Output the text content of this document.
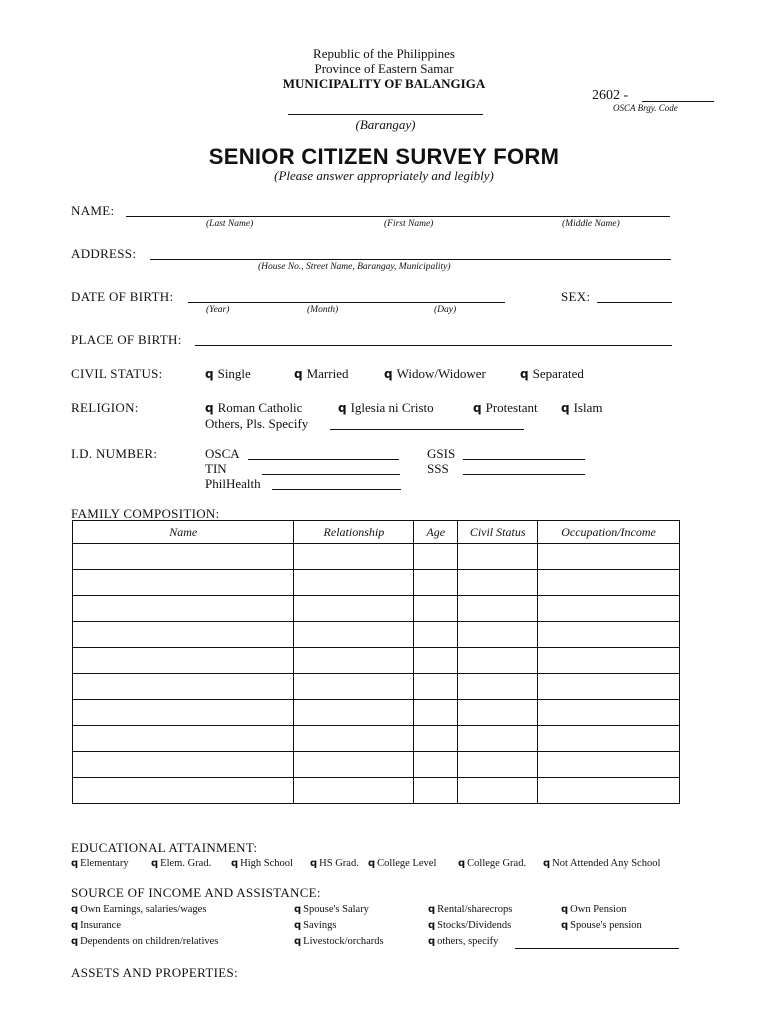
Republic of the Philippines
Province of Eastern Samar
MUNICIPALITY OF BALANGIGA
(Barangay)
2602 -
OSCA Brgy. Code
SENIOR CITIZEN SURVEY FORM
(Please answer appropriately and legibly)
NAME:
(Last Name)	(First Name)	(Middle Name)
ADDRESS:
(House No., Street Name, Barangay, Municipality)
DATE OF BIRTH:
(Year)	(Month)	(Day)
SEX:
PLACE OF BIRTH:
CIVIL STATUS:	q Single	q Married	q Widow/Widower	q Separated
RELIGION:	q Roman Catholic	q Iglesia ni Cristo	q Protestant q Islam
Others, Pls. Specify
I.D. NUMBER:	OSCA	GSIS
TIN	SSS
PhilHealth
FAMILY COMPOSITION:
Name	Relationship	Age	Civil Status	Occupation/Income

EDUCATIONAL ATTAINMENT:
q Elementary q Elem. Grad. q High School q HS Grad. q College Level q College Grad. q Not Attended Any School
SOURCE OF INCOME AND ASSISTANCE:
q Own Earnings, salaries/wages	q Spouse's Salary	q Rental/sharecrops	q Own Pension
q Insurance	q Savings	q Stocks/Dividends	q Spouse's pension
q Dependents on children/relatives	q Livestock/orchards	q others, specify
ASSETS AND PROPERTIES:
